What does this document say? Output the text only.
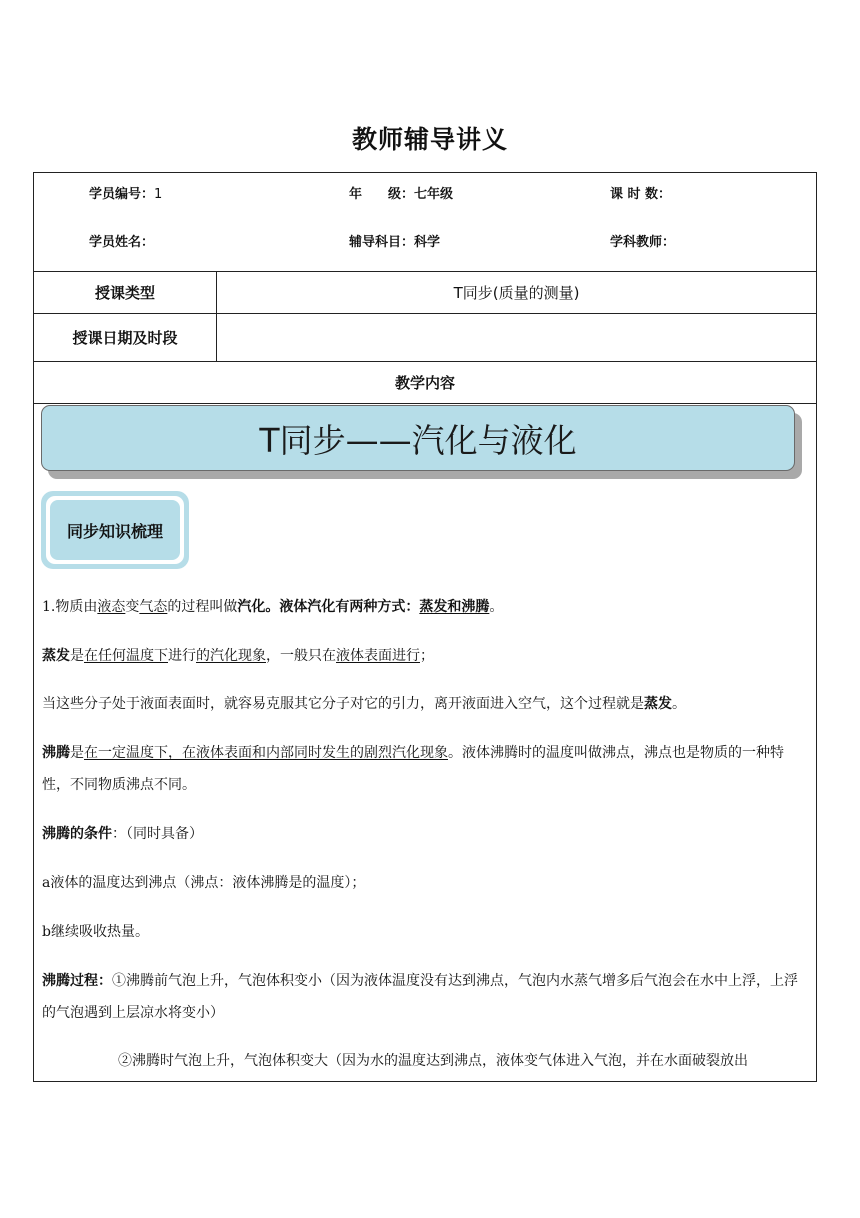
教师辅导讲义
学员编号：1	年　　级：七年级	课 时 数：
学员姓名：	辅导科目：科学	学科教师：
授课类型	T同步(质量的测量)
授课日期及时段
教学内容
T同步——汽化与液化
同步知识梳理
1.物质由液态变气态的过程叫做汽化。液体汽化有两种方式：蒸发和沸腾。
蒸发是在任何温度下进行的汽化现象，一般只在液体表面进行；
当这些分子处于液面表面时，就容易克服其它分子对它的引力，离开液面进入空气，这个过程就是蒸发。
沸腾是在一定温度下，在液体表面和内部同时发生的剧烈汽化现象。液体沸腾时的温度叫做沸点，沸点也是物质的一种特性，不同物质沸点不同。
沸腾的条件：（同时具备）
a液体的温度达到沸点（沸点：液体沸腾是的温度）；
b继续吸收热量。
沸腾过程：①沸腾前气泡上升，气泡体积变小（因为液体温度没有达到沸点，气泡内水蒸气增多后气泡会在水中上浮，上浮的气泡遇到上层凉水将变小）
②沸腾时气泡上升，气泡体积变大（因为水的温度达到沸点，液体变气体进入气泡，并在水面破裂放出
